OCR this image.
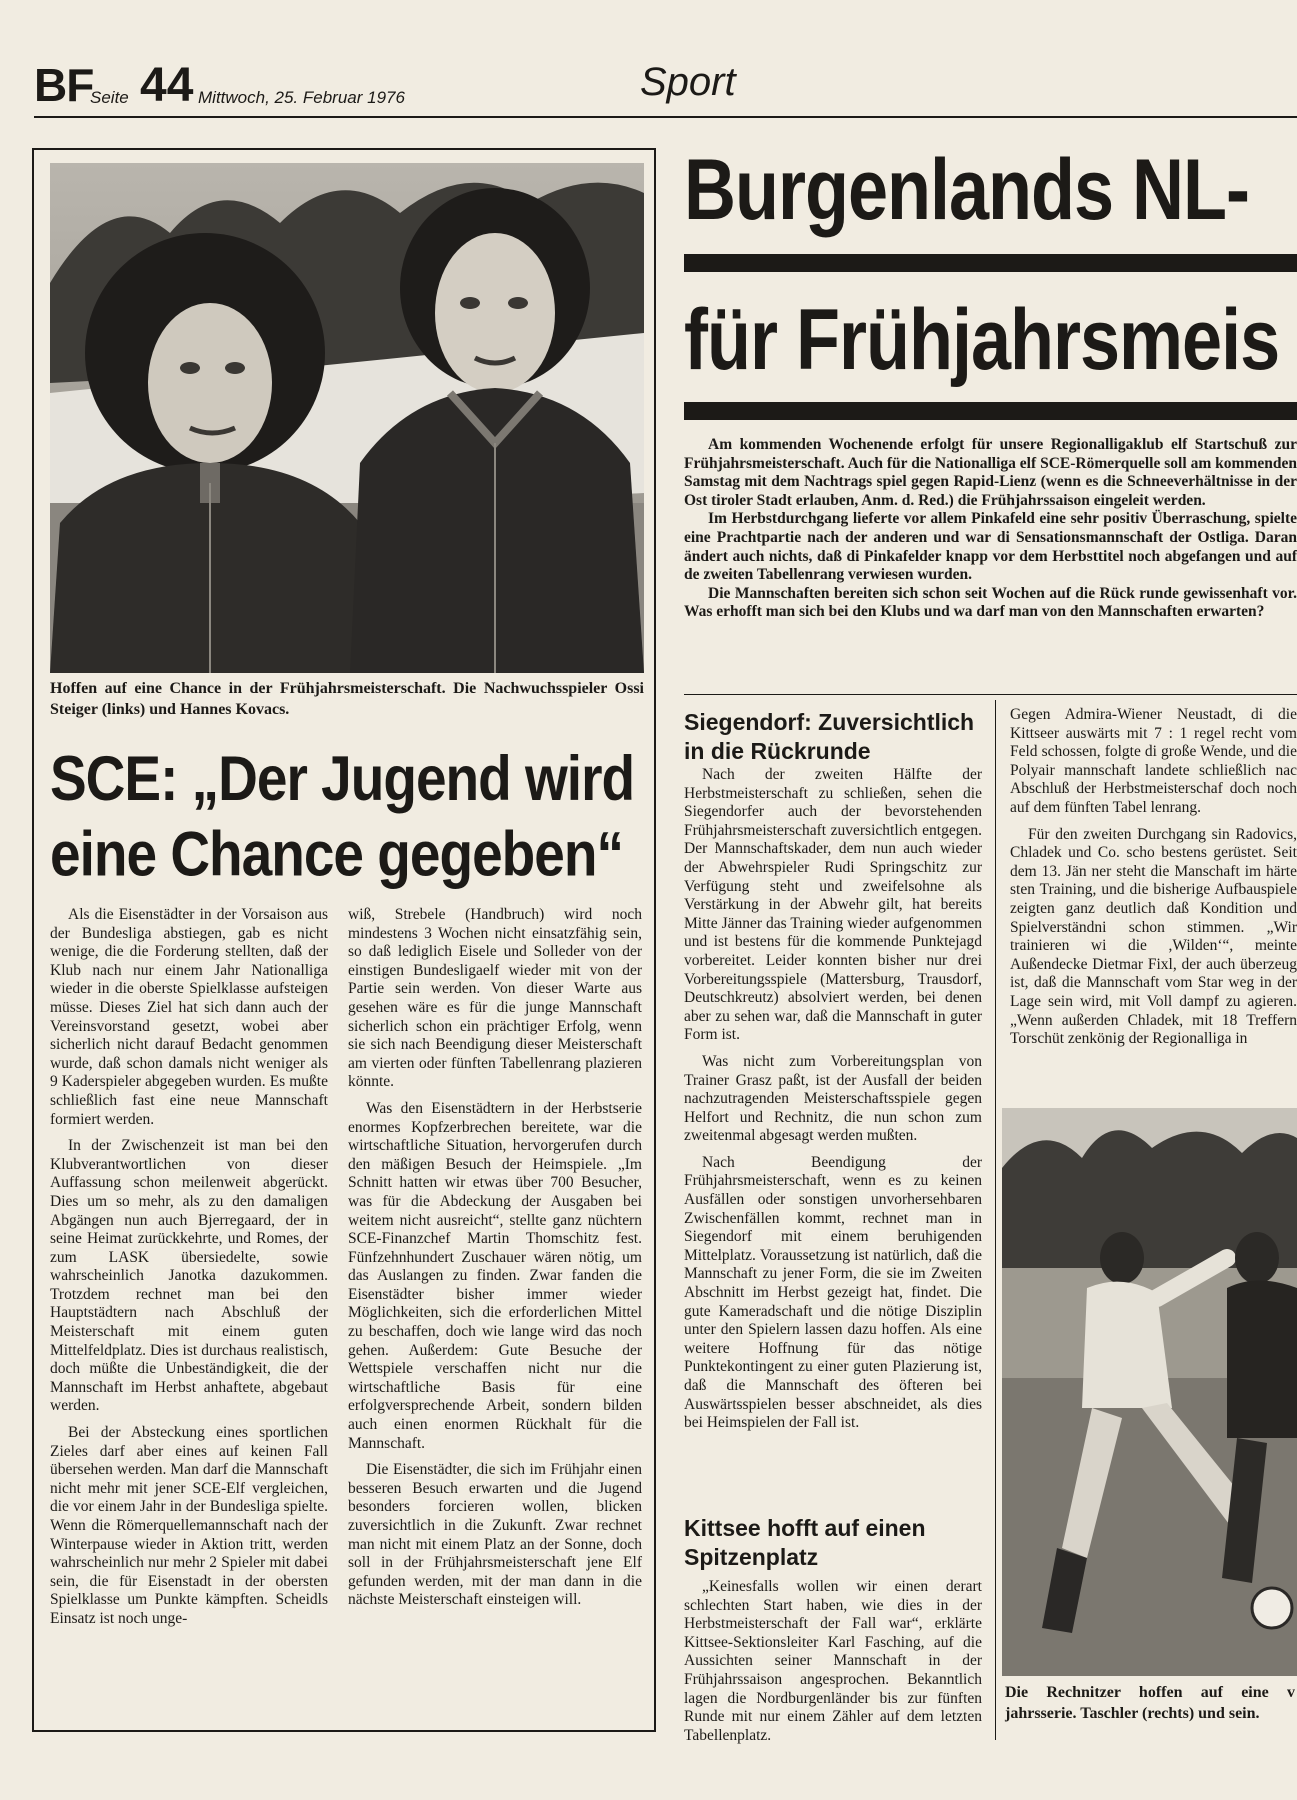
BF
Seite 44 Mittwoch, 25. Februar 1976	Sport
Hoffen auf eine Chance in der Frühjahrsmeisterschaft. Die Nachwuchsspieler Ossi Steiger (links) und Hannes Kovacs.
SCE: „Der Jugend wird eine Chance gegeben“

Als die Eisenstädter in der Vorsaison aus der Bundesliga abstiegen, gab es nicht wenige, die die Forderung stellten, daß der Klub nach nur einem Jahr Nationalliga wieder in die oberste Spielklasse aufsteigen müsse. Dieses Ziel hat sich dann auch der Vereinsvorstand gesetzt, wobei aber sicherlich nicht darauf Bedacht genommen wurde, daß schon damals nicht weniger als 9 Kaderspieler abgegeben wurden. Es mußte schließlich fast eine neue Mannschaft formiert werden.

In der Zwischenzeit ist man bei den Klubverantwortlichen von dieser Auffassung schon meilenweit abgerückt. Dies um so mehr, als zu den damaligen Abgängen nun auch Bjerregaard, der in seine Heimat zurückkehrte, und Romes, der zum LASK übersiedelte, sowie wahrscheinlich Janotka dazukommen. Trotzdem rechnet man bei den Hauptstädtern nach Abschluß der Meisterschaft mit einem guten Mittelfeldplatz. Dies ist durchaus realistisch, doch müßte die Unbeständigkeit, die der Mannschaft im Herbst anhaftete, abgebaut werden.

Bei der Absteckung eines sportlichen Zieles darf aber eines auf keinen Fall übersehen werden. Man darf die Mannschaft nicht mehr mit jener SCE-Elf vergleichen, die vor einem Jahr in der Bundesliga spielte. Wenn die Römerquellemannschaft nach der Winterpause wieder in Aktion tritt, werden wahrscheinlich nur mehr 2 Spieler mit dabei sein, die für Eisenstadt in der obersten Spielklasse um Punkte kämpften. Scheidls Einsatz ist noch unge-

wiß, Strebele (Handbruch) wird noch mindestens 3 Wochen nicht einsatzfähig sein, so daß lediglich Eisele und Solleder von der einstigen Bundesligaelf wieder mit von der Partie sein werden. Von dieser Warte aus gesehen wäre es für die junge Mannschaft sicherlich schon ein prächtiger Erfolg, wenn sie sich nach Beendigung dieser Meisterschaft am vierten oder fünften Tabellenrang plazieren könnte.

Was den Eisenstädtern in der Herbstserie enormes Kopfzerbrechen bereitete, war die wirtschaftliche Situation, hervorgerufen durch den mäßigen Besuch der Heimspiele. „Im Schnitt hatten wir etwas über 700 Besucher, was für die Abdeckung der Ausgaben bei weitem nicht ausreicht“, stellte ganz nüchtern SCE-Finanzchef Martin Thomschitz fest. Fünfzehnhundert Zuschauer wären nötig, um das Auslangen zu finden. Zwar fanden die Eisenstädter bisher immer wieder Möglichkeiten, sich die erforderlichen Mittel zu beschaffen, doch wie lange wird das noch gehen. Außerdem: Gute Besuche der Wettspiele verschaffen nicht nur die wirtschaftliche Basis für eine erfolgversprechende Arbeit, sondern bilden auch einen enormen Rückhalt für die Mannschaft.

Die Eisenstädter, die sich im Frühjahr einen besseren Besuch erwarten und die Jugend besonders forcieren wollen, blicken zuversichtlich in die Zukunft. Zwar rechnet man nicht mit einem Platz an der Sonne, doch soll in der Frühjahrsmeisterschaft jene Elf gefunden werden, mit der man dann in die nächste Meisterschaft einsteigen will.

Burgenlands NL-
für Frühjahrsmeis

Am kommenden Wochenende erfolgt für unsere Regionalligaklub elf Startschuß zur Frühjahrsmeisterschaft. Auch für die Nationalliga elf SCE-Römerquelle soll am kommenden Samstag mit dem Nachtrags spiel gegen Rapid-Lienz (wenn es die Schneeverhältnisse in der Ost tiroler Stadt erlauben, Anm. d. Red.) die Frühjahrssaison eingeleit werden.

Im Herbstdurchgang lieferte vor allem Pinkafeld eine sehr positiv Überraschung, spielte eine Prachtpartie nach der anderen und war di Sensationsmannschaft der Ostliga. Daran ändert auch nichts, daß di Pinkafelder knapp vor dem Herbsttitel noch abgefangen und auf de zweiten Tabellenrang verwiesen wurden.

Die Mannschaften bereiten sich schon seit Wochen auf die Rück runde gewissenhaft vor. Was erhofft man sich bei den Klubs und wa darf man von den Mannschaften erwarten?

Siegendorf: Zuversichtlich in die Rückrunde

Nach der zweiten Hälfte der Herbstmeisterschaft zu schließen, sehen die Siegendorfer auch der bevorstehenden Frühjahrsmeisterschaft zuversichtlich entgegen. Der Mannschaftskader, dem nun auch wieder der Abwehrspieler Rudi Springschitz zur Verfügung steht und zweifelsohne als Verstärkung in der Abwehr gilt, hat bereits Mitte Jänner das Training wieder aufgenommen und ist bestens für die kommende Punktejagd vorbereitet. Leider konnten bisher nur drei Vorbereitungsspiele (Mattersburg, Trausdorf, Deutschkreutz) absolviert werden, bei denen aber zu sehen war, daß die Mannschaft in guter Form ist.

Was nicht zum Vorbereitungsplan von Trainer Grasz paßt, ist der Ausfall der beiden nachzutragenden Meisterschaftsspiele gegen Helfort und Rechnitz, die nun schon zum zweitenmal abgesagt werden mußten.

Nach Beendigung der Frühjahrsmeisterschaft, wenn es zu keinen Ausfällen oder sonstigen unvorhersehbaren Zwischenfällen kommt, rechnet man in Siegendorf mit einem beruhigenden Mittelplatz. Voraussetzung ist natürlich, daß die Mannschaft zu jener Form, die sie im Zweiten Abschnitt im Herbst gezeigt hat, findet. Die gute Kameradschaft und die nötige Disziplin unter den Spielern lassen dazu hoffen. Als eine weitere Hoffnung für das nötige Punktekontingent zu einer guten Plazierung ist, daß die Mannschaft des öfteren bei Auswärtsspielen besser abschneidet, als dies bei Heimspielen der Fall ist.

Kittsee hofft auf einen Spitzenplatz

„Keinesfalls wollen wir einen derart schlechten Start haben, wie dies in der Herbstmeisterschaft der Fall war“, erklärte Kittsee-Sektionsleiter Karl Fasching, auf die Aussichten seiner Mannschaft in der Frühjahrssaison angesprochen. Bekanntlich lagen die Nordburgenländer bis zur fünften Runde mit nur einem Zähler auf dem letzten Tabellenplatz.

Gegen Admira-Wiener Neustadt, di die Kittseer auswärts mit 7 : 1 regel recht vom Feld schossen, folgte di große Wende, und die Polyair mannschaft landete schließlich nac Abschluß der Herbstmeisterschaf doch noch auf dem fünften Tabel lenrang.

Für den zweiten Durchgang sin Radovics, Chladek und Co. scho bestens gerüstet. Seit dem 13. Jän ner steht die Manschaft im härte sten Training, und die bisherige Aufbauspiele zeigten ganz deutlich daß Kondition und Spielverständni schon stimmen. „Wir trainieren wi die ,Wilden‘“, meinte Außendecke Dietmar Fixl, der auch überzeug ist, daß die Mannschaft vom Star weg in der Lage sein wird, mit Voll dampf zu agieren. „Wenn außerden Chladek, mit 18 Treffern Torschüt zenkönig der Regionalliga in

Die Rechnitzer hoffen auf eine v jahrsserie. Taschler (rechts) und sein.
